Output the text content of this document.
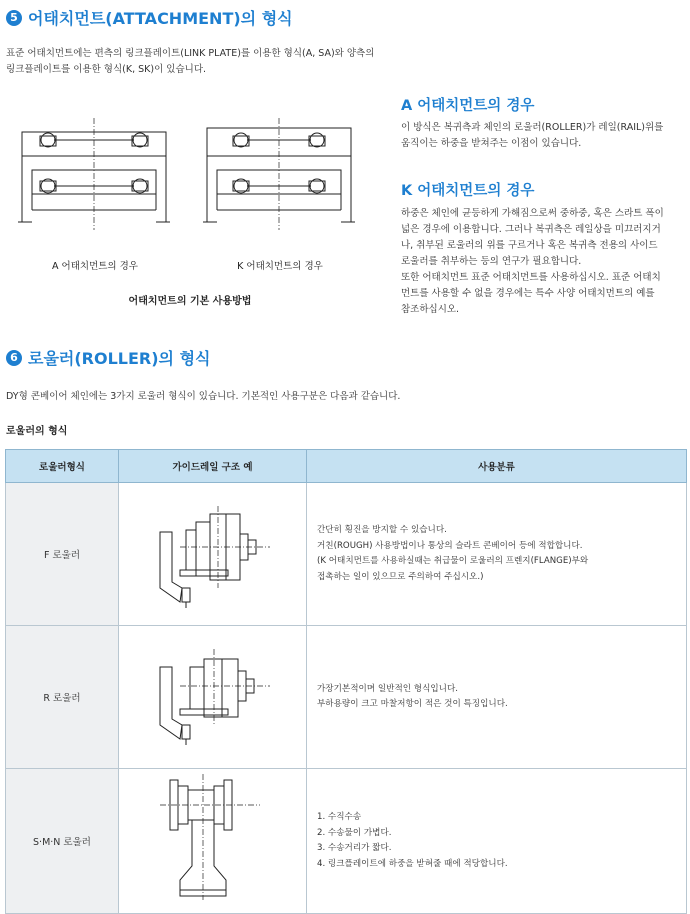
5 어태치먼트(ATTACHMENT)의 형식
표준 어태치먼트에는 편측의 링크플레이트(LINK PLATE)를 이용한 형식(A, SA)와 양측의
링크플레이트를 이용한 형식(K, SK)이 있습니다.
A 어태치먼트의 경우	K 어태치먼트의 경우
어태치먼트의 기본 사용방법
A 어태치먼트의 경우
이 방식은 복귀측과 체인의 로울러(ROLLER)가 레일(RAIL)위를
움직이는 하중을 받쳐주는 이점이 있습니다.
K 어태치먼트의 경우
하중은 체인에 균등하게 가해짐으로써 중하중, 혹은 스라트 폭이
넓은 경우에 이용합니다. 그러나 복귀측은 레일상을 미끄러지거
나, 취부된 로울러의 위를 구르거나 혹은 복귀측 전용의 사이드
로울러를 취부하는 등의 연구가 필요합니다.
또한 어태치먼트 표준 어태치먼트를 사용하십시오. 표준 어태치
먼트를 사용할 수 없을 경우에는 특수 사양 어태치먼트의 예를
참조하십시오.
6 로울러(ROLLER)의 형식
DY형 콘베이어 체인에는 3가지 로울러 형식이 있습니다. 기본적인 사용구분은 다음과 같습니다.
로울러의 형식
로울러형식	가이드레일 구조 예	사용분류
F 로울러		간단히 횡진을 방지할 수 있습니다.
거친(ROUGH) 사용방법이나 통상의 슬라트 콘베이어 등에 적합합니다.
(K 어태치먼트를 사용하실때는 취급물이 로울러의 프렌지(FLANGE)부와
접촉하는 일이 있으므로 주의하여 주십시오.)

R 로울러		가장기본적이며 일반적인 형식입니다.
부하용량이 크고 마찰저항이 적은 것이 특징입니다.

S·M·N 로울러		1. 수직수송
2. 수송물이 가볍다.
3. 수송거리가 짧다.
4. 링크플레이트에 하중을 받혀줄 때에 적당합니다.
